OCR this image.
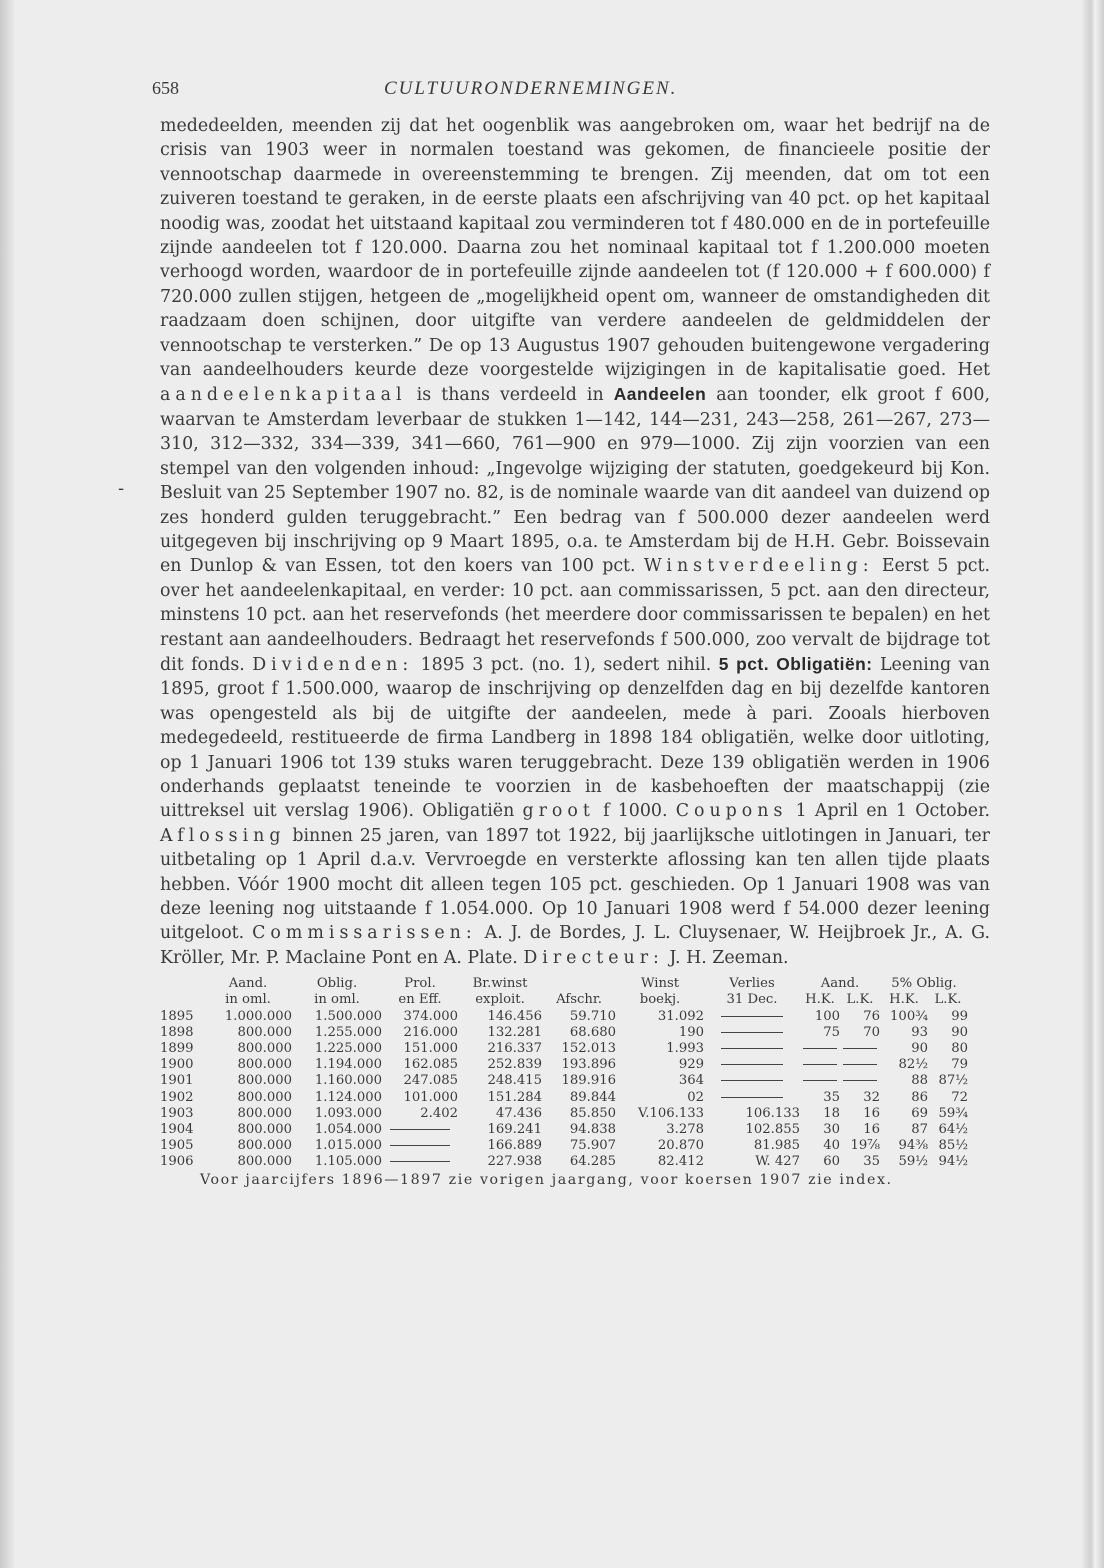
-
658	CULTUURONDERNEMINGEN.

mededeelden, meenden zij dat het oogenblik was aangebroken om, waar het bedrijf na de crisis van 1903 weer in normalen toestand was gekomen, de financieele positie der vennootschap daarmede in overeenstemming te brengen. Zij meenden, dat om tot een zuiveren toestand te geraken, in de eerste plaats een afschrijving van 40 pct. op het kapitaal noodig was, zoodat het uitstaand kapitaal zou verminderen tot f 480.000 en de in portefeuille zijnde aandeelen tot f 120.000. Daarna zou het nominaal kapitaal tot f 1.200.000 moeten verhoogd worden, waardoor de in portefeuille zijnde aandeelen tot (f 120.000 + f 600.000) f 720.000 zullen stijgen, hetgeen de „mogelijkheid opent om, wanneer de omstandigheden dit raadzaam doen schijnen, door uitgifte van verdere aandeelen de geldmiddelen der vennootschap te versterken.” De op 13 Augustus 1907 gehouden buitengewone vergadering van aandeelhouders keurde deze voorgestelde wijzigingen in de kapitalisatie goed. Het aandeelenkapitaal is thans verdeeld in Aandeelen aan toonder, elk groot f 600, waarvan te Amsterdam leverbaar de stukken 1—142, 144—231, 243—258, 261—267, 273—310, 312—332, 334—339, 341—660, 761—900 en 979—1000. Zij zijn voorzien van een stempel van den volgenden inhoud: „Ingevolge wijziging der statuten, goedgekeurd bij Kon. Besluit van 25 September 1907 no. 82, is de nominale waarde van dit aandeel van duizend op zes honderd gulden teruggebracht.” Een bedrag van f 500.000 dezer aandeelen werd uitgegeven bij inschrijving op 9 Maart 1895, o.a. te Amsterdam bij de H.H. Gebr. Boissevain en Dunlop & van Essen, tot den koers van 100 pct. Winstverdeeling: Eerst 5 pct. over het aandeelenkapitaal, en verder: 10 pct. aan commissarissen, 5 pct. aan den directeur, minstens 10 pct. aan het reservefonds (het meerdere door commissarissen te bepalen) en het restant aan aandeelhouders. Bedraagt het reservefonds f 500.000, zoo vervalt de bijdrage tot dit fonds. Dividenden: 1895 3 pct. (no. 1), sedert nihil. 5 pct. Obligatiën: Leening van 1895, groot f 1.500.000, waarop de inschrijving op denzelfden dag en bij dezelfde kantoren was opengesteld als bij de uitgifte der aandeelen, mede à pari. Zooals hierboven medegedeeld, restitueerde de firma Landberg in 1898 184 obligatiën, welke door uitloting, op 1 Januari 1906 tot 139 stuks waren teruggebracht. Deze 139 obligatiën werden in 1906 onderhands geplaatst teneinde te voorzien in de kasbehoeften der maatschappij (zie uittreksel uit verslag 1906). Obligatiën groot f 1000. Coupons 1 April en 1 October. Aflossing binnen 25 jaren, van 1897 tot 1922, bij jaarlijksche uitlotingen in Januari, ter uitbetaling op 1 April d.a.v. Vervroegde en versterkte aflossing kan ten allen tijde plaats hebben. Vóór 1900 mocht dit alleen tegen 105 pct. geschieden. Op 1 Januari 1908 was van deze leening nog uitstaande f 1.054.000. Op 10 Januari 1908 werd f 54.000 dezer leening uitgeloot. Commissarissen: A. J. de Bordes, J. L. Cluysenaer, W. Heijbroek Jr., A. G. Kröller, Mr. P. Maclaine Pont en A. Plate. Directeur: J. H. Zeeman.

	Aand.	Oblig.	Prol.	Br.winst		Winst	Verlies	Aand.		5% Oblig.	
	in oml.	in oml.	en Eff.	exploit.	Afschr.	boekj.	31 Dec.	H.K.	L.K.	H.K.	L.K.
1895	1.000.000	1.500.000	374.000	146.456	59.710	31.092		100	76	100¾	99
1898	800.000	1.255.000	216.000	132.281	68.680	190		75	70	93	90
1899	800.000	1.225.000	151.000	216.337	152.013	1.993				90	80
1900	800.000	1.194.000	162.085	252.839	193.896	929				82½	79
1901	800.000	1.160.000	247.085	248.415	189.916	364				88	87½
1902	800.000	1.124.000	101.000	151.284	89.844	02		35	32	86	72
1903	800.000	1.093.000	2.402	47.436	85.850	V.106.133	106.133	18	16	69	59¾
1904	800.000	1.054.000		169.241	94.838	3.278	102.855	30	16	87	64½
1905	800.000	1.015.000		166.889	75.907	20.870	81.985	40	19⅞	94⅜	85½
1906	800.000	1.105.000		227.938	64.285	82.412	W. 427	60	35	59½	94½
Voor jaarcijfers 1896—1897 zie vorigen jaargang, voor koersen 1907 zie index.
